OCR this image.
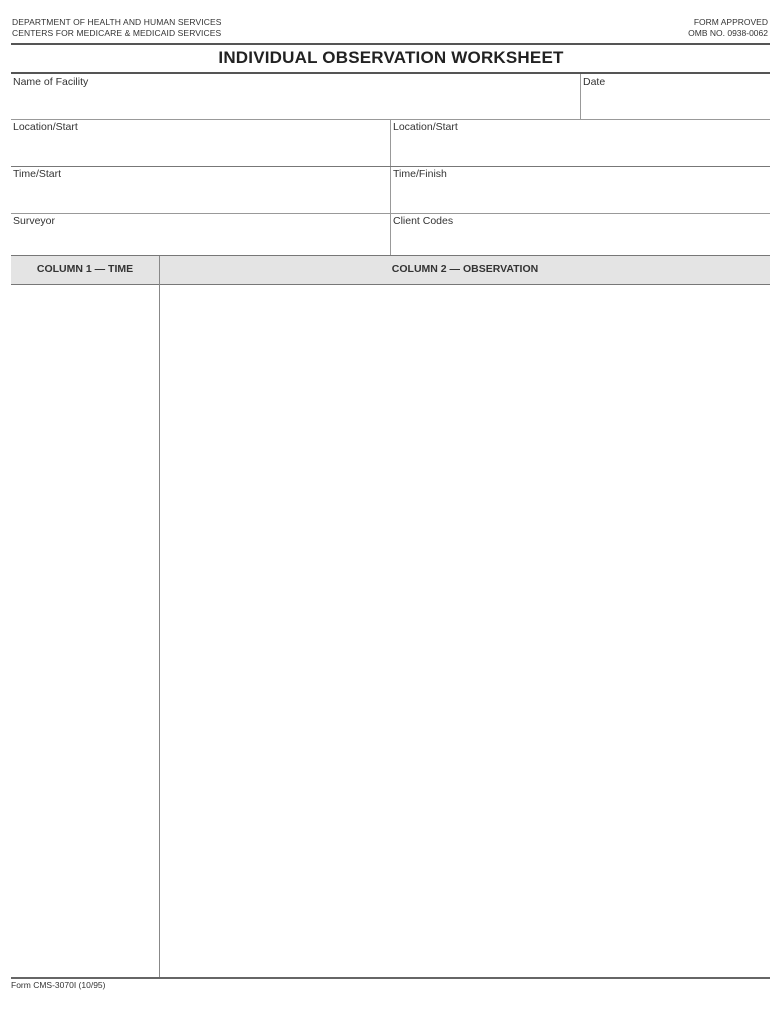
DEPARTMENT OF HEALTH AND HUMAN SERVICES
CENTERS FOR MEDICARE & MEDICAID SERVICES
FORM APPROVED
OMB NO. 0938-0062
INDIVIDUAL OBSERVATION WORKSHEET
Name of Facility	Date
Location/Start	Location/Start
Time/Start	Time/Finish
Surveyor	Client Codes
COLUMN 1 — TIME	COLUMN 2 — OBSERVATION
Form CMS-3070I (10/95)
